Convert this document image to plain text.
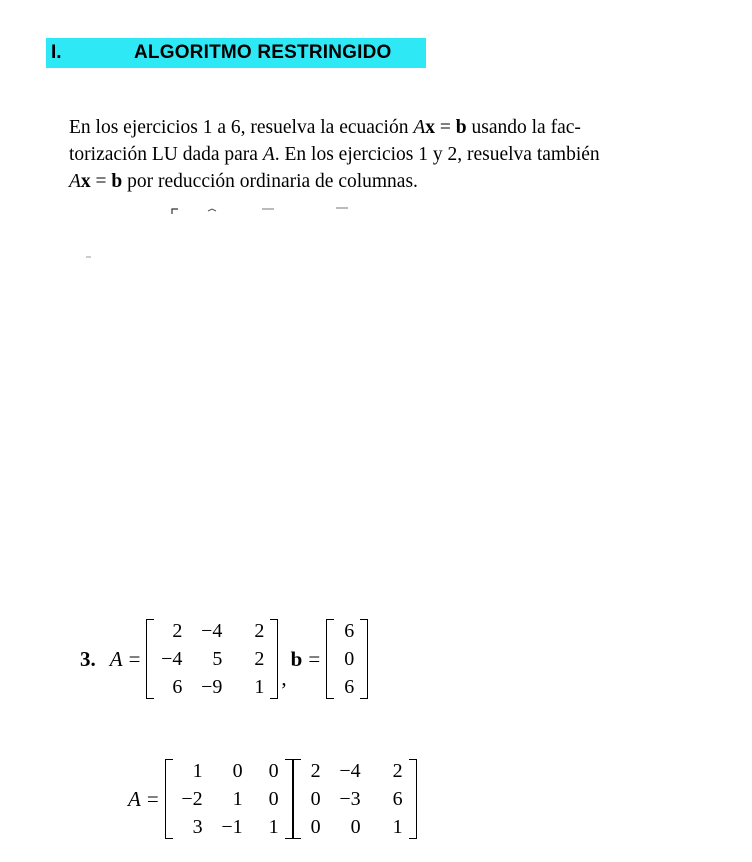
I.	ALGORITMO RESTRINGIDO
En los ejercicios 1 a 6, resuelva la ecuación Ax = b usando la fac-
torización LU dada para A. En los ejercicios 1 y 2, resuelva también
Ax = b por reducción ordinaria de columnas.
3. A =
2	−4	2
−4	5	2
6	−9	1 ,
b =
6
0
6
A =
1	0	0
−2	1	0
3	−1	1
2	−4	2
0	−3	6
0	0	1
